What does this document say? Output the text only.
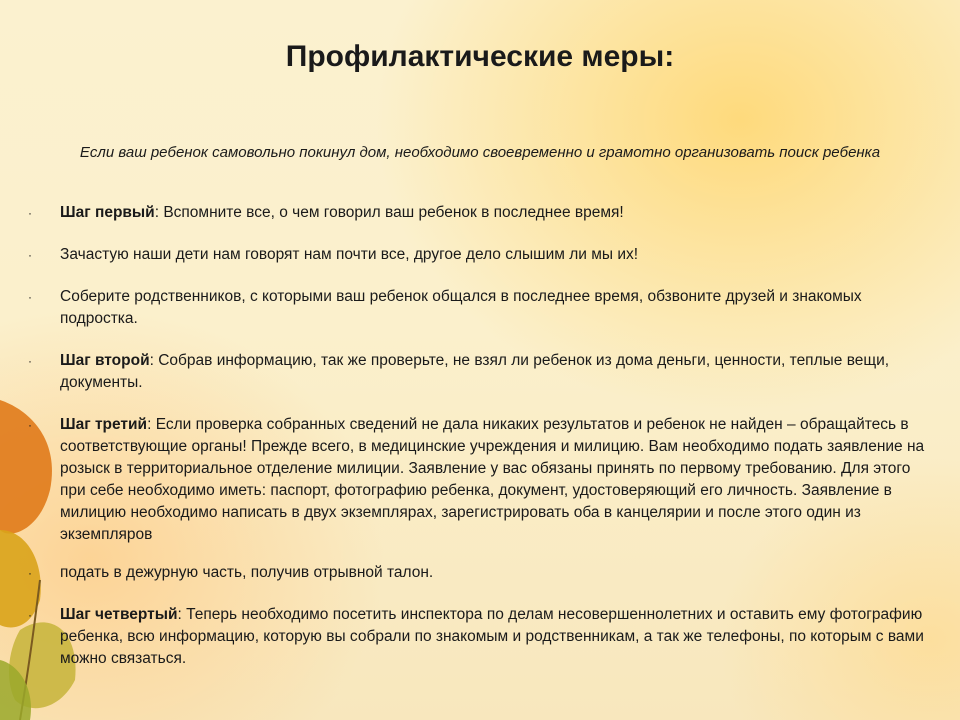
Профилактические меры:

Если ваш ребенок самовольно покинул дом, необходимо своевременно и грамотно организовать поиск ребенка

· Шаг первый: Вспомните все, о чем говорил ваш ребенок в последнее время!

· Зачастую наши дети нам говорят нам почти все, другое дело слышим ли мы их!

· Соберите родственников, с которыми ваш ребенок общался в последнее время, обзвоните друзей и знакомых подростка.

· Шаг второй: Собрав информацию, так же проверьте, не взял ли ребенок из дома деньги, ценности, теплые вещи, документы.

· Шаг третий: Если проверка собранных сведений не дала никаких результатов и ребенок не найден – обращайтесь в соответствующие органы! Прежде всего, в медицинские учреждения и милицию. Вам необходимо подать заявление на розыск в территориальное отделение милиции. Заявление у вас обязаны принять по первому требованию. Для этого при себе необходимо иметь: паспорт, фотографию ребенка, документ, удостоверяющий его личность. Заявление в милицию необходимо написать в двух экземплярах, зарегистрировать оба в канцелярии и после этого один из экземпляров

· подать в дежурную часть, получив отрывной талон.

· Шаг четвертый: Теперь необходимо посетить инспектора по делам несовершеннолетних и оставить ему фотографию ребенка, всю информацию, которую вы собрали по знакомым и родственникам, а так же телефоны, по которым с вами можно связаться.
